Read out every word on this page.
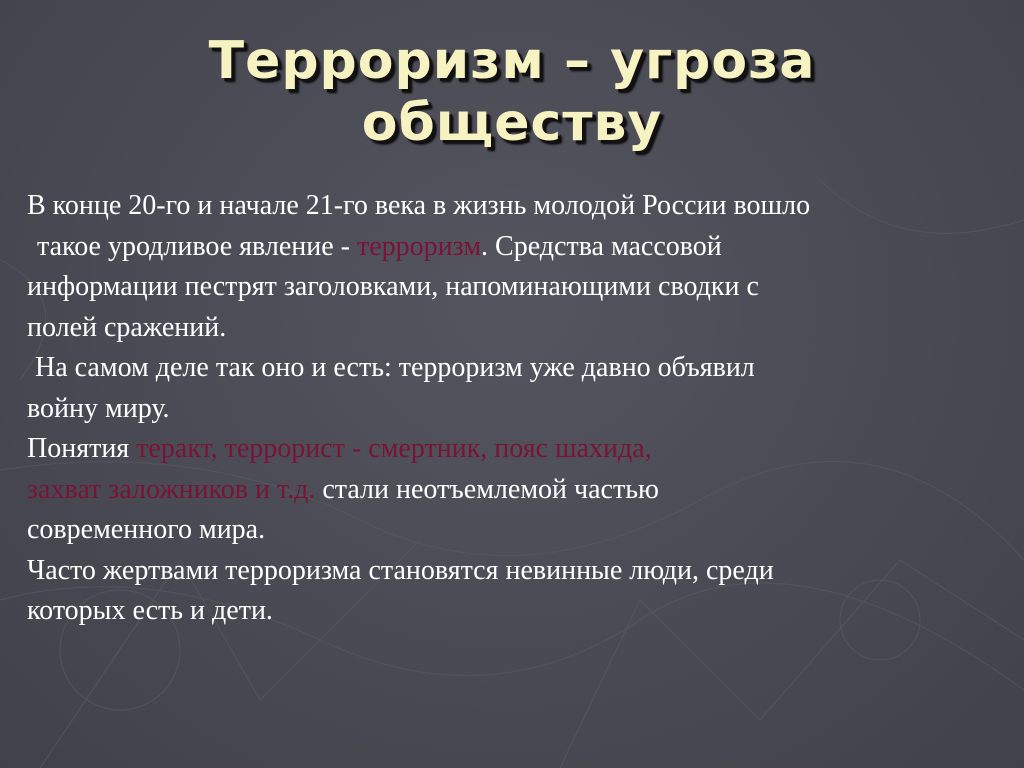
Терроризм – угроза
обществу

В конце 20-го и начале 21-го века в жизнь молодой России вошло
такое уродливое явление - терроризм. Средства массовой
информации пестрят заголовками, напоминающими сводки с
полей сражений.

На самом деле так оно и есть: терроризм уже давно объявил
войну миру.

Понятия теракт, террорист - смертник, пояс шахида,
захват заложников и т.д. стали неотъемлемой частью
современного мира.

Часто жертвами терроризма становятся невинные люди, среди
которых есть и дети.
